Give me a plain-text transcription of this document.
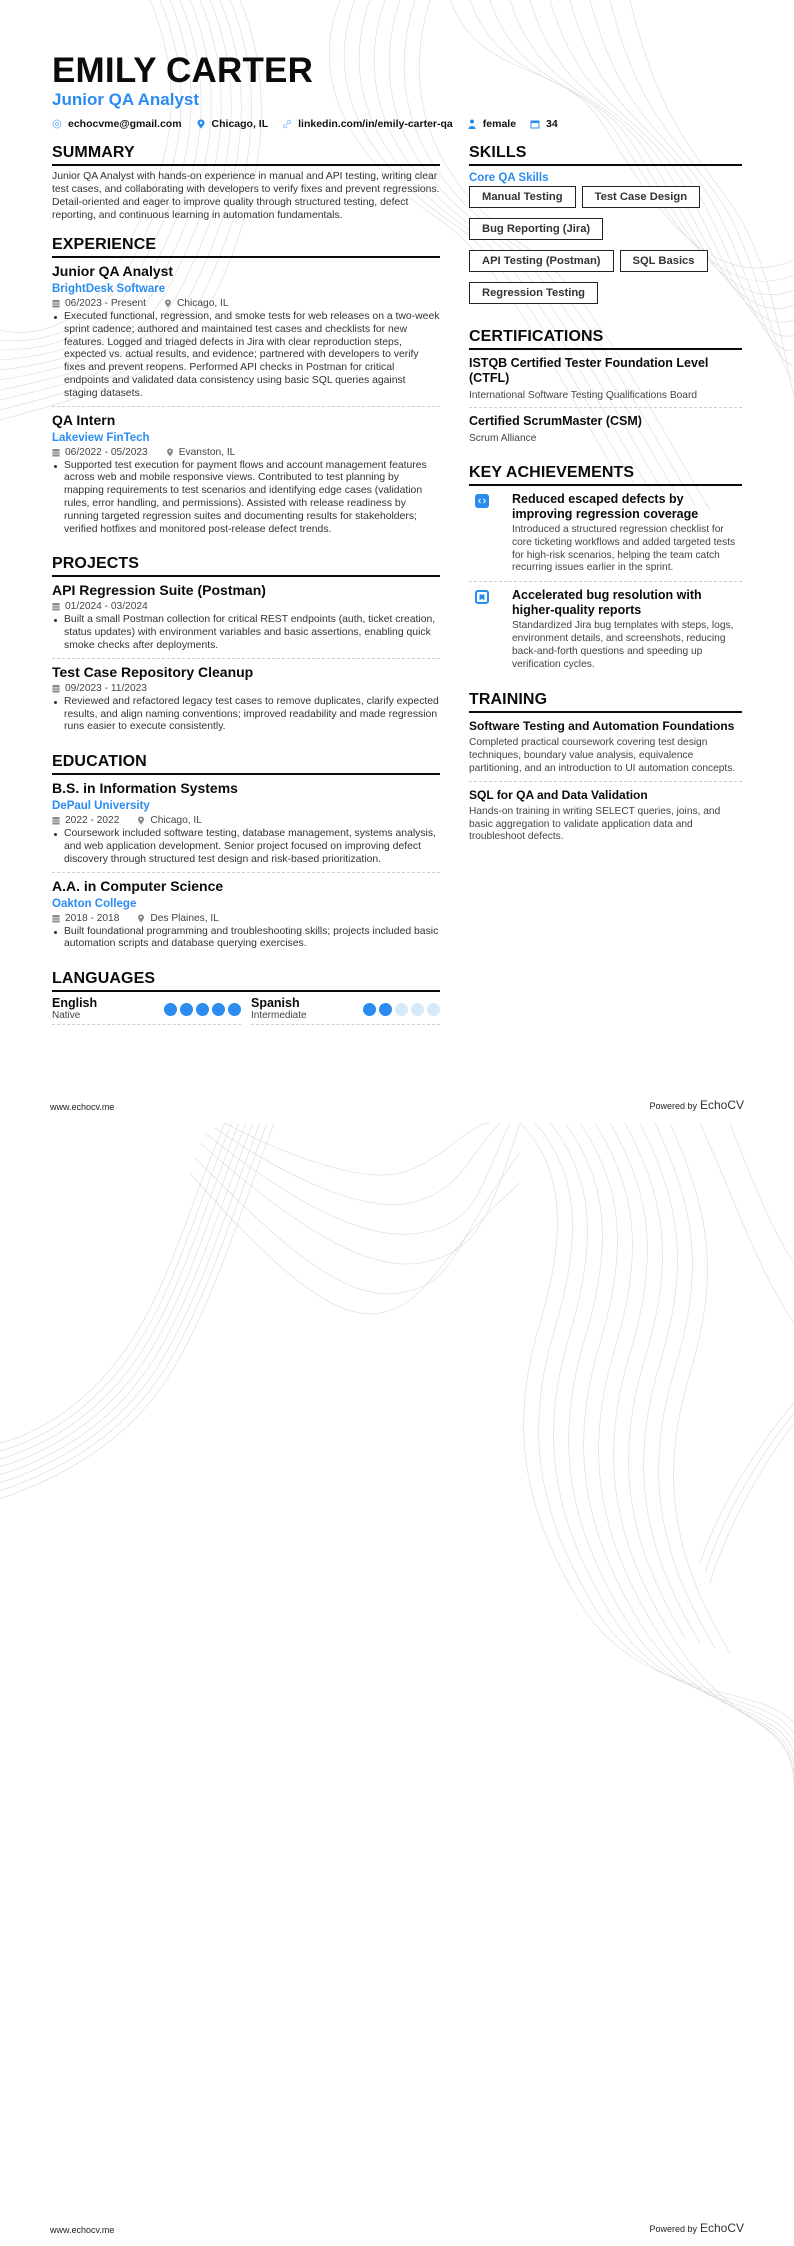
EMILY CARTER
Junior QA Analyst
echocvme@gmail.com	Chicago, IL	linkedin.com/in/emily-carter-qa	female	34
SUMMARY
Junior QA Analyst with hands-on experience in manual and API testing, writing clear test cases, and collaborating with developers to verify fixes and prevent regressions. Detail-oriented and eager to improve quality through structured testing, defect reporting, and continuous learning in automation fundamentals.
EXPERIENCE
Junior QA Analyst
BrightDesk Software
06/2023 - Present	Chicago, IL
Executed functional, regression, and smoke tests for web releases on a two-week sprint cadence; authored and maintained test cases and checklists for new features. Logged and triaged defects in Jira with clear reproduction steps, expected vs. actual results, and evidence; partnered with developers to verify fixes and prevent reopens. Performed API checks in Postman for critical endpoints and validated data consistency using basic SQL queries against staging datasets.
QA Intern
Lakeview FinTech
06/2022 - 05/2023	Evanston, IL
Supported test execution for payment flows and account management features across web and mobile responsive views. Contributed to test planning by mapping requirements to test scenarios and identifying edge cases (validation rules, error handling, and permissions). Assisted with release readiness by running targeted regression suites and documenting results for stakeholders; verified hotfixes and monitored post-release defect trends.
PROJECTS
API Regression Suite (Postman)
01/2024 - 03/2024
Built a small Postman collection for critical REST endpoints (auth, ticket creation, status updates) with environment variables and basic assertions, enabling quick smoke checks after deployments.
Test Case Repository Cleanup
09/2023 - 11/2023
Reviewed and refactored legacy test cases to remove duplicates, clarify expected results, and align naming conventions; improved readability and made regression runs easier to execute consistently.
EDUCATION
B.S. in Information Systems
DePaul University
2022 - 2022	Chicago, IL
Coursework included software testing, database management, systems analysis, and web application development. Senior project focused on improving defect discovery through structured test design and risk-based prioritization.
A.A. in Computer Science
Oakton College
2018 - 2018	Des Plaines, IL
Built foundational programming and troubleshooting skills; projects included basic automation scripts and database querying exercises.
LANGUAGES
English
Native
Spanish
Intermediate
SKILLS
Core QA Skills
Manual Testing	Test Case Design
Bug Reporting (Jira)
API Testing (Postman)	SQL Basics
Regression Testing
CERTIFICATIONS
ISTQB Certified Tester Foundation Level (CTFL)
International Software Testing Qualifications Board
Certified ScrumMaster (CSM)
Scrum Alliance
KEY ACHIEVEMENTS
Reduced escaped defects by improving regression coverage
Introduced a structured regression checklist for core ticketing workflows and added targeted tests for high-risk scenarios, helping the team catch recurring issues earlier in the sprint.
Accelerated bug resolution with higher-quality reports
Standardized Jira bug templates with steps, logs, environment details, and screenshots, reducing back-and-forth questions and speeding up verification cycles.
TRAINING
Software Testing and Automation Foundations
Completed practical coursework covering test design techniques, boundary value analysis, equivalence partitioning, and an introduction to UI automation concepts.
SQL for QA and Data Validation
Hands-on training in writing SELECT queries, joins, and basic aggregation to validate application data and troubleshoot defects.
www.echocv.me	Powered by EchoCV
www.echocv.me	Powered by EchoCV
